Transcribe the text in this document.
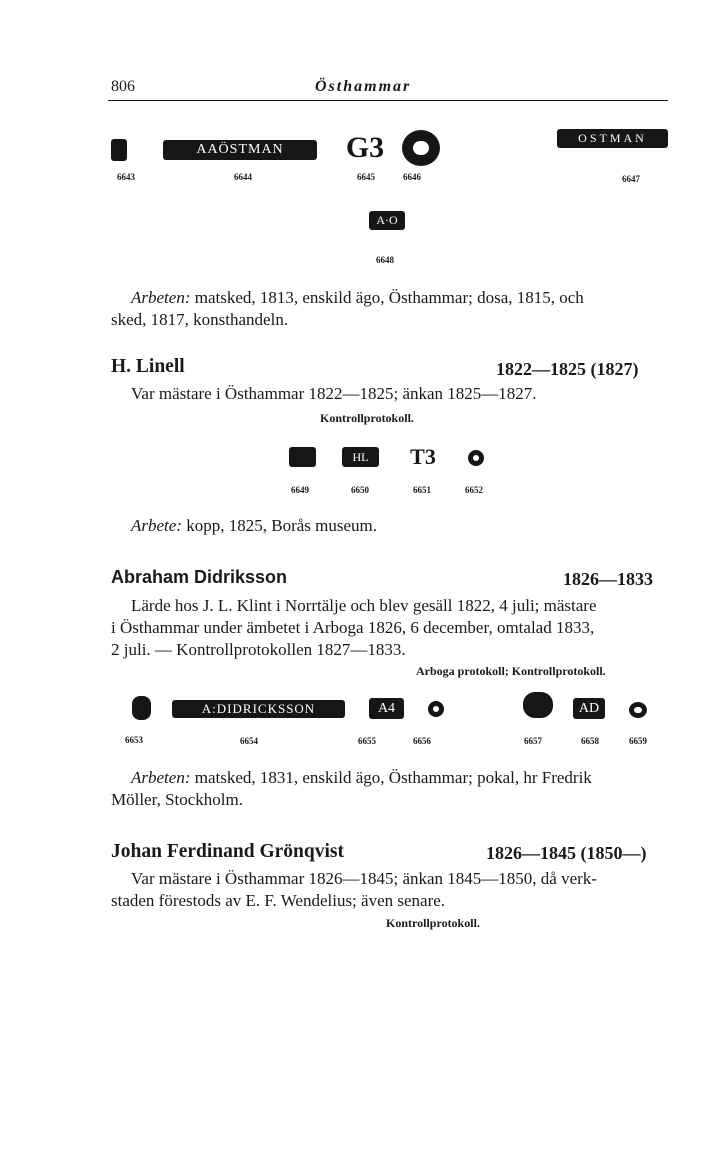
806	Östhammar
AAÖSTMAN	G3	OSTMAN
A·O
6643	6644	6645	6646	6647
6648
Arbeten: matsked, 1813, enskild ägo, Östhammar; dosa, 1815, och
sked, 1817, konsthandeln.
H. Linell	1822—1825 (1827)
Var mästare i Östhammar 1822—1825; änkan 1825—1827.
Kontrollprotokoll.
HL	T3
6649	6650	6651	6652
Arbete: kopp, 1825, Borås museum.
Abraham Didriksson	1826—1833
Lärde hos J. L. Klint i Norrtälje och blev gesäll 1822, 4 juli; mästare
i Östhammar under ämbetet i Arboga 1826, 6 december, omtalad 1833,
2 juli. — Kontrollprotokollen 1827—1833.
Arboga protokoll; Kontrollprotokoll.
A:DIDRICKSSON	A4	AD
6653	6654	6655	6656	6657	6658	6659
Arbeten: matsked, 1831, enskild ägo, Östhammar; pokal, hr Fredrik
Möller, Stockholm.
Johan Ferdinand Grönqvist	1826—1845 (1850—)
Var mästare i Östhammar 1826—1845; änkan 1845—1850, då verk-
staden förestods av E. F. Wendelius; även senare.
Kontrollprotokoll.
